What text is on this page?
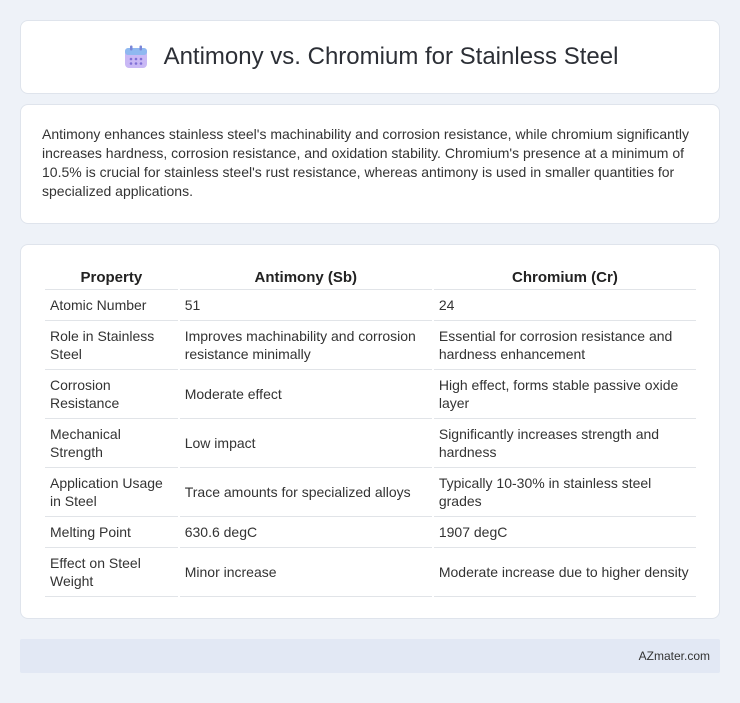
Antimony vs. Chromium for Stainless Steel

Antimony enhances stainless steel's machinability and corrosion resistance, while chromium significantly increases hardness, corrosion resistance, and oxidation stability. Chromium's presence at a minimum of 10.5% is crucial for stainless steel's rust resistance, whereas antimony is used in smaller quantities for specialized applications.

Property	Antimony (Sb)	Chromium (Cr)
Atomic Number	51	24
Role in Stainless Steel	Improves machinability and corrosion resistance minimally	Essential for corrosion resistance and hardness enhancement
Corrosion Resistance	Moderate effect	High effect, forms stable passive oxide layer
Mechanical Strength	Low impact	Significantly increases strength and hardness
Application Usage in Steel	Trace amounts for specialized alloys	Typically 10-30% in stainless steel grades
Melting Point	630.6 degC	1907 degC
Effect on Steel Weight	Minor increase	Moderate increase due to higher density
AZmater.com
